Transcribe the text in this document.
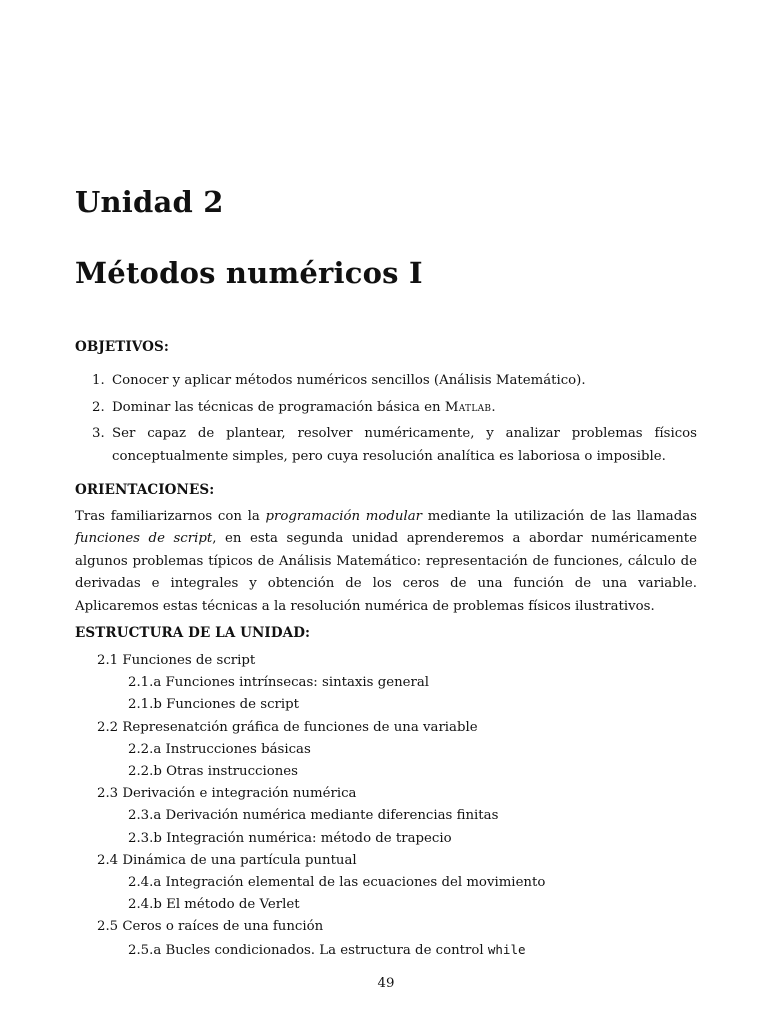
Unidad 2
Métodos numéricos I
OBJETIVOS:
1. Conocer y aplicar métodos numéricos sencillos (Análisis Matemático).
2. Dominar las técnicas de programación básica en Matlab.
3. Ser capaz de plantear, resolver numéricamente, y analizar problemas físicos conceptualmente simples, pero cuya resolución analítica es laboriosa o imposible.
ORIENTACIONES:

Tras familiarizarnos con la programación modular mediante la utilización de las llamadas funciones de script, en esta segunda unidad aprenderemos a abordar numéricamente algunos problemas típicos de Análisis Matemático: representación de funciones, cálculo de derivadas e integrales y obtención de los ceros de una función de una variable. Aplicaremos estas técnicas a la resolución numérica de problemas físicos ilustrativos.

ESTRUCTURA DE LA UNIDAD:
2.1 Funciones de script
2.1.a Funciones intrínsecas: sintaxis general
2.1.b Funciones de script
2.2 Represenatción gráfica de funciones de una variable
2.2.a Instrucciones básicas
2.2.b Otras instrucciones
2.3 Derivación e integración numérica
2.3.a Derivación numérica mediante diferencias finitas
2.3.b Integración numérica: método de trapecio
2.4 Dinámica de una partícula puntual
2.4.a Integración elemental de las ecuaciones del movimiento
2.4.b El método de Verlet
2.5 Ceros o raíces de una función
2.5.a Bucles condicionados. La estructura de control while
49
